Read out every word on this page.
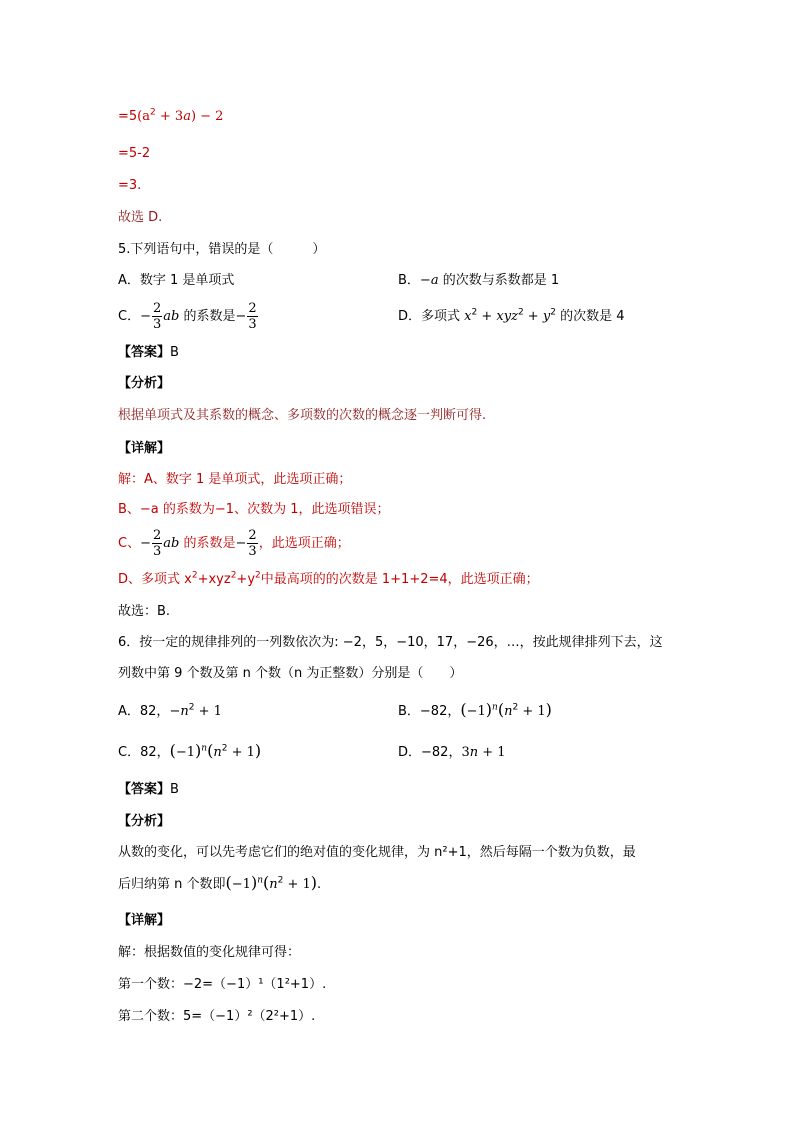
$=5(a^2 + 3a) - 2$
=5-2
=3.
故选 D.
5.下列语句中，错误的是（　　　）
A．数字 1 是单项式	B．−a 的次数与系数都是 1
C．− $\frac{2}{3}$ ab 的系数是− $\frac{2}{3}$	D．多项式 $x^2 + xyz^2 + y^2$ 的次数是 4
【答案】B
【分析】
根据单项式及其系数的概念、多项数的次数的概念逐一判断可得.
【详解】
解：A、数字 1 是单项式，此选项正确；
B、−a 的系数为−1、次数为 1，此选项错误；
C、− $\frac{2}{3}$ ab 的系数是− $\frac{2}{3}$ ，此选项正确；
D、多项式 $x^2+xyz^2+y^2$中最高项的的次数是 1+1+2=4，此选项正确；
故选：B.
6．按一定的规律排列的一列数依次为: −2，5，−10，17，−26，…，按此规律排列下去，这
列数中第 9 个数及第 n 个数（n 为正整数）分别是（　　）
A．82，$-n^2 + 1$	B．−82，$(-1)^n(n^2 + 1)$
C．82，$(-1)^n(n^2 + 1)$	D．−82，3n + 1
【答案】B
【分析】
从数的变化，可以先考虑它们的绝对值的变化规律，为 n²+1，然后每隔一个数为负数，最
后归纳第 n 个数即$(-1)^n(n^2 + 1)$.
【详解】
解：根据数值的变化规律可得：
第一个数：−2=（−1）¹（1²+1）.
第二个数：5=（−1）²（2²+1）.
